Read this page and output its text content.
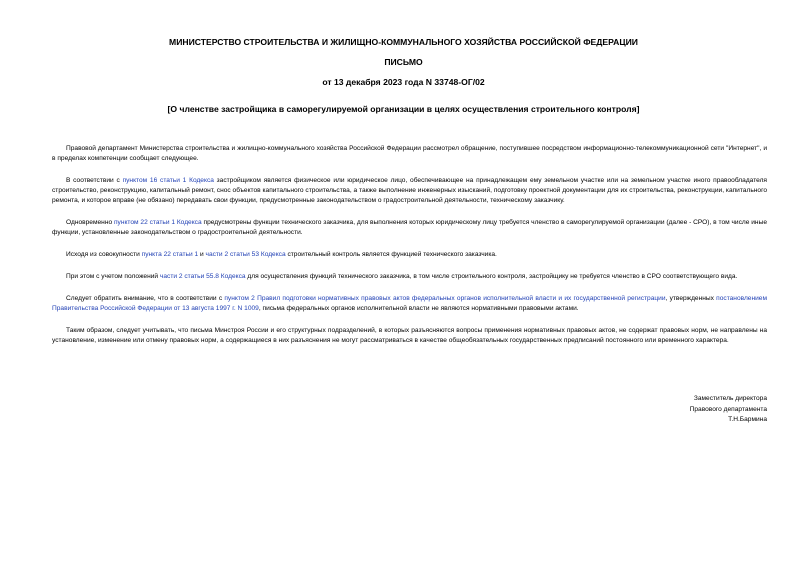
МИНИСТЕРСТВО СТРОИТЕЛЬСТВА И ЖИЛИЩНО-КОММУНАЛЬНОГО ХОЗЯЙСТВА РОССИЙСКОЙ ФЕДЕРАЦИИ
ПИСЬМО
от 13 декабря 2023 года N 33748-ОГ/02
[О членстве застройщика в саморегулируемой организации в целях осуществления строительного контроля]

Правовой департамент Министерства строительства и жилищно-коммунального хозяйства Российской Федерации рассмотрел обращение, поступившее посредством информационно-телекоммуникационной сети "Интернет", и в пределах компетенции сообщает следующее.

В соответствии с пунктом 16 статьи 1 Кодекса застройщиком является физическое или юридическое лицо, обеспечивающее на принадлежащем ему земельном участке или на земельном участке иного правообладателя строительство, реконструкцию, капитальный ремонт, снос объектов капитального строительства, а также выполнение инженерных изысканий, подготовку проектной документации для их строительства, реконструкции, капитального ремонта, и которое вправе (не обязано) передавать свои функции, предусмотренные законодательством о градостроительной деятельности, техническому заказчику.

Одновременно пунктом 22 статьи 1 Кодекса предусмотрены функции технического заказчика, для выполнения которых юридическому лицу требуется членство в саморегулируемой организации (далее - СРО), в том числе иные функции, установленные законодательством о градостроительной деятельности.

Исходя из совокупности пункта 22 статьи 1 и части 2 статьи 53 Кодекса строительный контроль является функцией технического заказчика.

При этом с учетом положений части 2 статьи 55.8 Кодекса для осуществления функций технического заказчика, в том числе строительного контроля, застройщику не требуется членство в СРО соответствующего вида.

Следует обратить внимание, что в соответствии с пунктом 2 Правил подготовки нормативных правовых актов федеральных органов исполнительной власти и их государственной регистрации, утвержденных постановлением Правительства Российской Федерации от 13 августа 1997 г. N 1009, письма федеральных органов исполнительной власти не являются нормативными правовыми актами.

Таким образом, следует учитывать, что письма Минстроя России и его структурных подразделений, в которых разъясняются вопросы применения нормативных правовых актов, не содержат правовых норм, не направлены на установление, изменение или отмену правовых норм, а содержащиеся в них разъяснения не могут рассматриваться в качестве общеобязательных государственных предписаний постоянного или временного характера.

Заместитель директора
Правового департамента
Т.Н.Бармина
